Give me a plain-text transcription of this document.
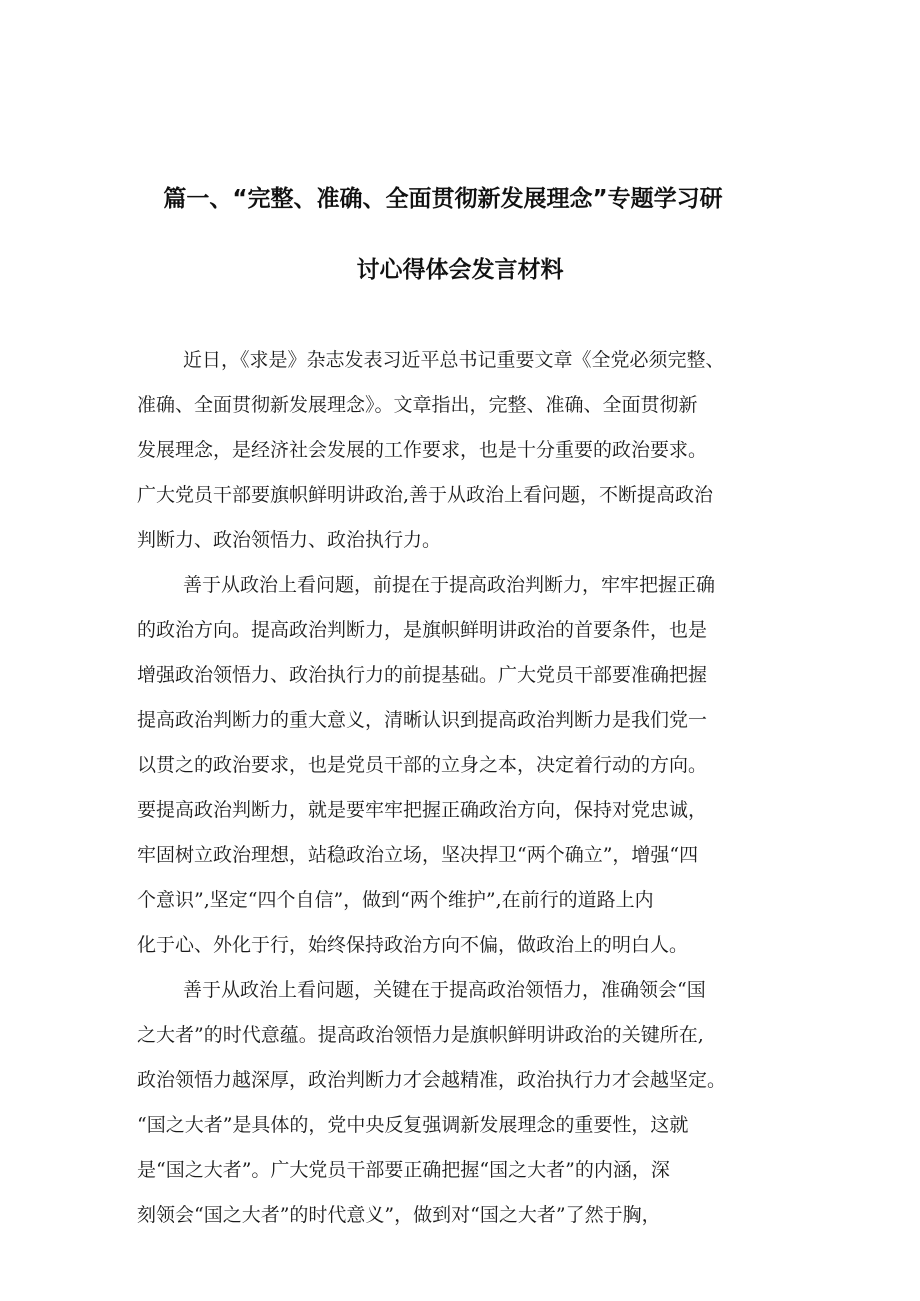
篇一、“完整、准确、全面贯彻新发展理念”专题学习研
讨心得体会发言材料
近日，《求是》杂志发表习近平总书记重要文章《全党必须完整、
准确、全面贯彻新发展理念》。文章指出，完整、准确、全面贯彻新
发展理念，是经济社会发展的工作要求，也是十分重要的政治要求。
广大党员干部要旗帜鲜明讲政治,善于从政治上看问题，不断提高政治
判断力、政治领悟力、政治执行力。
善于从政治上看问题，前提在于提高政治判断力，牢牢把握正确
的政治方向。提高政治判断力，是旗帜鲜明讲政治的首要条件，也是
增强政治领悟力、政治执行力的前提基础。广大党员干部要准确把握
提高政治判断力的重大意义，清晰认识到提高政治判断力是我们党一
以贯之的政治要求，也是党员干部的立身之本，决定着行动的方向。
要提高政治判断力，就是要牢牢把握正确政治方向，保持对党忠诚，
牢固树立政治理想，站稳政治立场，坚决捍卫“两个确立”，增强“四
个意识”,坚定“四个自信”，做到“两个维护”,在前行的道路上内
化于心、外化于行，始终保持政治方向不偏，做政治上的明白人。
善于从政治上看问题，关键在于提高政治领悟力，准确领会“国
之大者”的时代意蕴。提高政治领悟力是旗帜鲜明讲政治的关键所在,
政治领悟力越深厚，政治判断力才会越精准，政治执行力才会越坚定。
“国之大者”是具体的，党中央反复强调新发展理念的重要性，这就
是“国之大者”。广大党员干部要正确把握“国之大者”的内涵，深
刻领会“国之大者”的时代意义”，做到对“国之大者”了然于胸，
